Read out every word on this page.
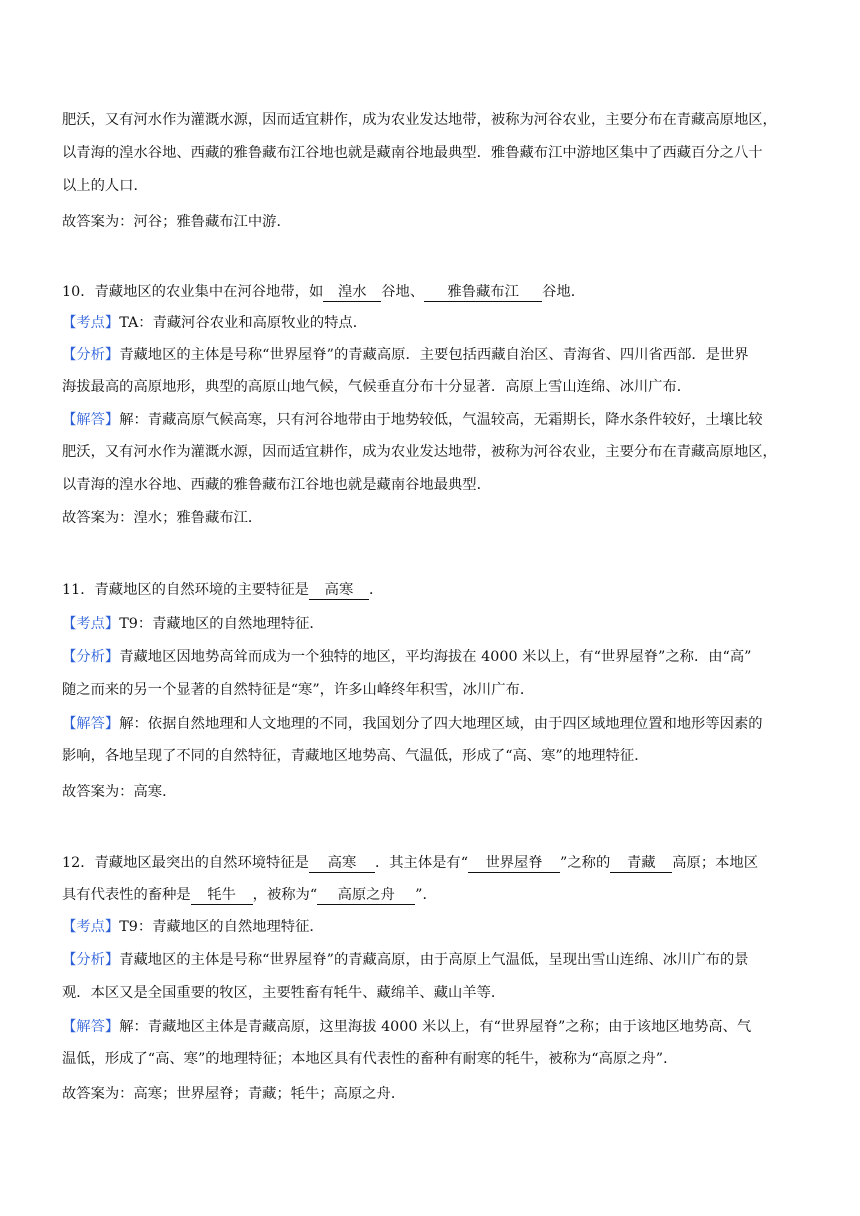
肥沃，又有河水作为灌溉水源，因而适宜耕作，成为农业发达地带，被称为河谷农业，主要分布在青藏高原地区，
以青海的湟水谷地、西藏的雅鲁藏布江谷地也就是藏南谷地最典型．雅鲁藏布江中游地区集中了西藏百分之八十
以上的人口．
故答案为：河谷；雅鲁藏布江中游．
10．青藏地区的农业集中在河谷地带，如 湟水 谷地、 雅鲁藏布江 谷地．
【考点】TA：青藏河谷农业和高原牧业的特点．
【分析】青藏地区的主体是号称“世界屋脊”的青藏高原．主要包括西藏自治区、青海省、四川省西部．是世界
海拔最高的高原地形，典型的高原山地气候，气候垂直分布十分显著．高原上雪山连绵、冰川广布．
【解答】解：青藏高原气候高寒，只有河谷地带由于地势较低，气温较高，无霜期长，降水条件较好，土壤比较
肥沃，又有河水作为灌溉水源，因而适宜耕作，成为农业发达地带，被称为河谷农业，主要分布在青藏高原地区，
以青海的湟水谷地、西藏的雅鲁藏布江谷地也就是藏南谷地最典型．
故答案为：湟水；雅鲁藏布江．
11．青藏地区的自然环境的主要特征是 高寒 ．
【考点】T9：青藏地区的自然地理特征．
【分析】青藏地区因地势高耸而成为一个独特的地区，平均海拔在 4000 米以上，有“世界屋脊”之称．由“高”
随之而来的另一个显著的自然特征是“寒”，许多山峰终年积雪，冰川广布．
【解答】解：依据自然地理和人文地理的不同，我国划分了四大地理区域，由于四区域地理位置和地形等因素的
影响，各地呈现了不同的自然特征，青藏地区地势高、气温低，形成了“高、寒”的地理特征．
故答案为：高寒．
12．青藏地区最突出的自然环境特征是 高寒 ．其主体是有“ 世界屋脊 ”之称的 青藏 高原；本地区
具有代表性的畜种是 牦牛 ，被称为“ 高原之舟 ”．
【考点】T9：青藏地区的自然地理特征．
【分析】青藏地区的主体是号称“世界屋脊”的青藏高原，由于高原上气温低，呈现出雪山连绵、冰川广布的景
观．本区又是全国重要的牧区，主要牲畜有牦牛、藏绵羊、藏山羊等．
【解答】解：青藏地区主体是青藏高原，这里海拔 4000 米以上，有“世界屋脊”之称；由于该地区地势高、气
温低，形成了“高、寒”的地理特征；本地区具有代表性的畜种有耐寒的牦牛，被称为“高原之舟”．
故答案为：高寒；世界屋脊；青藏；牦牛；高原之舟．
